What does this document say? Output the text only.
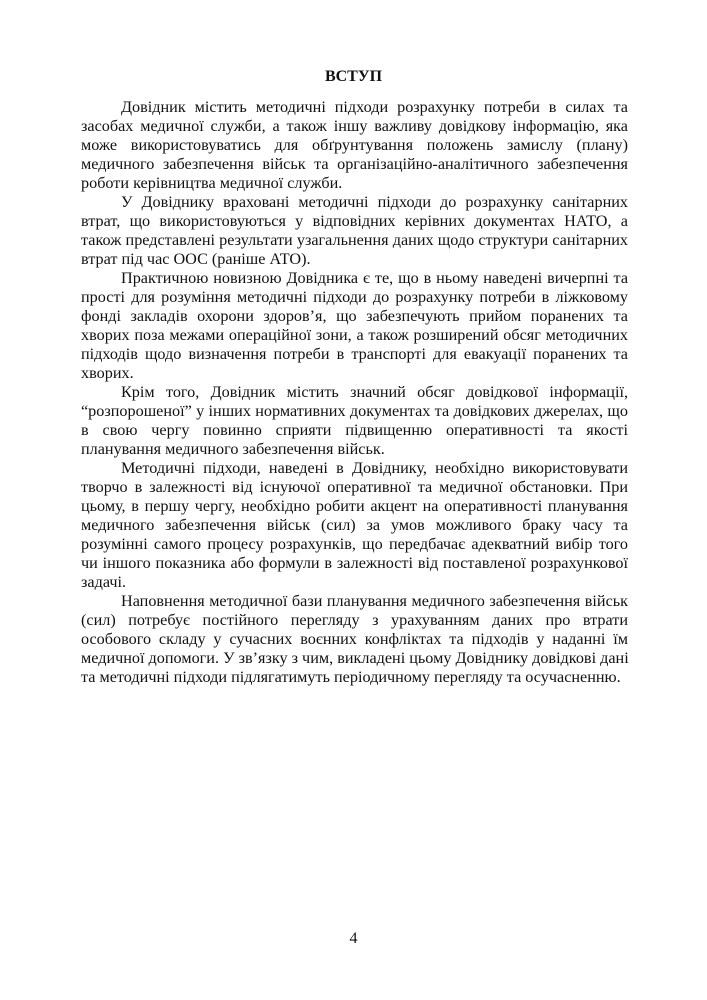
ВСТУП
Довідник містить методичні підходи розрахунку потреби в силах та
засобах медичної служби, а також іншу важливу довідкову інформацію, яка
може використовуватись для обґрунтування положень замислу (плану)
медичного забезпечення військ та організаційно-аналітичного забезпечення
роботи керівництва медичної служби.
У Довіднику враховані методичні підходи до розрахунку санітарних
втрат, що використовуються у відповідних керівних документах НАТО, а
також представлені результати узагальнення даних щодо структури санітарних
втрат під час ООС (раніше АТО).
Практичною новизною Довідника є те, що в ньому наведені вичерпні та
прості для розуміння методичні підходи до розрахунку потреби в ліжковому
фонді закладів охорони здоров’я, що забезпечують прийом поранених та
хворих поза межами операційної зони, а також розширений обсяг методичних
підходів щодо визначення потреби в транспорті для евакуації поранених та
хворих.
Крім того, Довідник містить значний обсяг довідкової інформації,
“розпорошеної” у інших нормативних документах та довідкових джерелах, що
в свою чергу повинно сприяти підвищенню оперативності та якості
планування медичного забезпечення військ.
Методичні підходи, наведені в Довіднику, необхідно використовувати
творчо в залежності від існуючої оперативної та медичної обстановки. При
цьому, в першу чергу, необхідно робити акцент на оперативності планування
медичного забезпечення військ (сил) за умов можливого браку часу та
розумінні самого процесу розрахунків, що передбачає адекватний вибір того
чи іншого показника або формули в залежності від поставленої розрахункової
задачі.
Наповнення методичної бази планування медичного забезпечення військ
(сил) потребує постійного перегляду з урахуванням даних про втрати
особового складу у сучасних воєнних конфліктах та підходів у наданні їм
медичної допомоги. У зв’язку з чим, викладені цьому Довіднику довідкові дані
та методичні підходи підлягатимуть періодичному перегляду та осучасненню.
4
